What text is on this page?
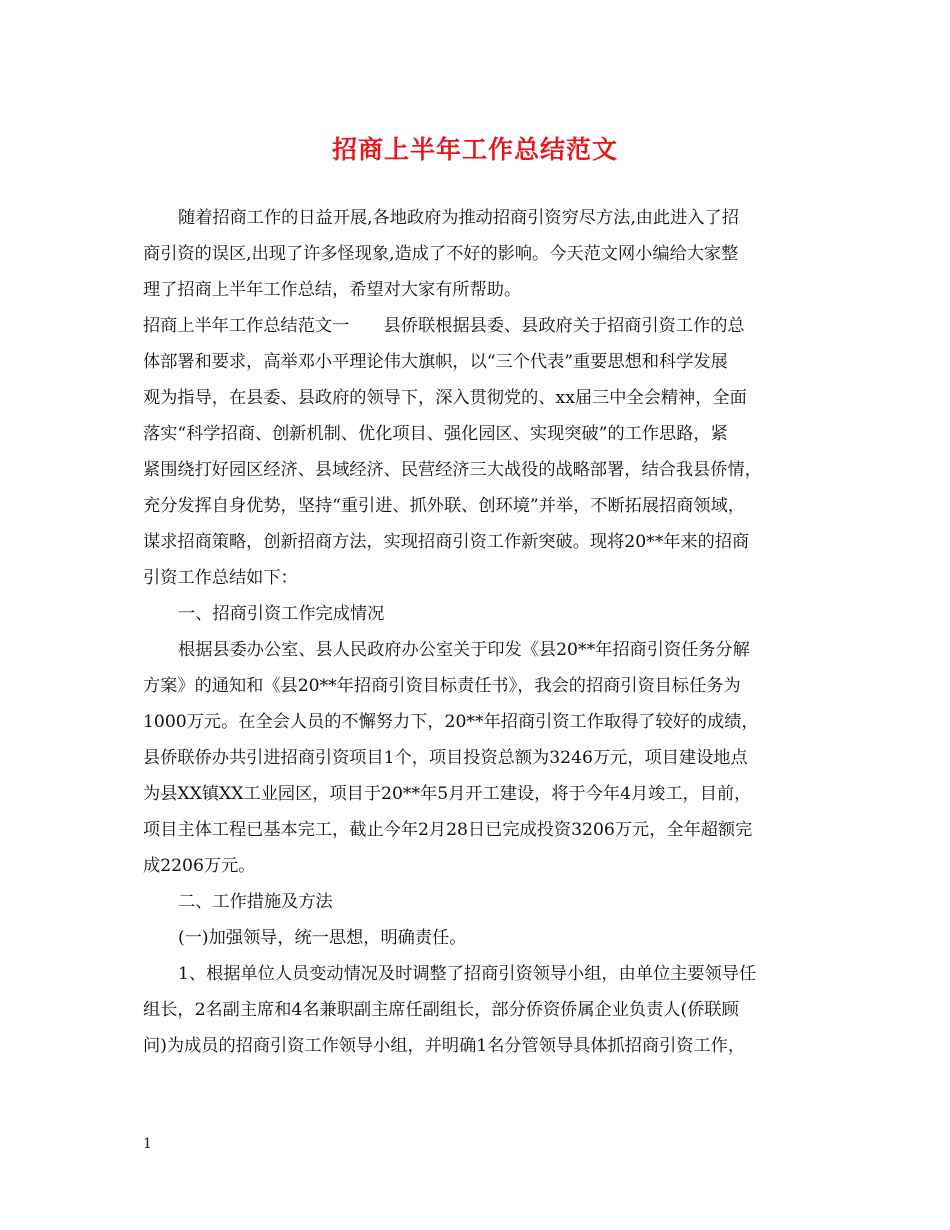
招商上半年工作总结范文
随着招商工作的日益开展,各地政府为推动招商引资穷尽方法,由此进入了招
商引资的误区,出现了许多怪现象,造成了不好的影响。今天范文网小编给大家整
理了招商上半年工作总结，希望对大家有所帮助。
招商上半年工作总结范文一　　县侨联根据县委、县政府关于招商引资工作的总
体部署和要求，高举邓小平理论伟大旗帜，以“三个代表”重要思想和科学发展
观为指导，在县委、县政府的领导下，深入贯彻党的、xx届三中全会精神，全面
落实“科学招商、创新机制、优化项目、强化园区、实现突破”的工作思路，紧
紧围绕打好园区经济、县域经济、民营经济三大战役的战略部署，结合我县侨情，
充分发挥自身优势，坚持“重引进、抓外联、创环境”并举，不断拓展招商领域，
谋求招商策略，创新招商方法，实现招商引资工作新突破。现将20**年来的招商
引资工作总结如下：
一、招商引资工作完成情况
根据县委办公室、县人民政府办公室关于印发《县20**年招商引资任务分解
方案》的通知和《县20**年招商引资目标责任书》，我会的招商引资目标任务为
1000万元。在全会人员的不懈努力下，20**年招商引资工作取得了较好的成绩，
县侨联侨办共引进招商引资项目1个，项目投资总额为3246万元，项目建设地点
为县XX镇XX工业园区，项目于20**年5月开工建设，将于今年4月竣工，目前，
项目主体工程已基本完工，截止今年2月28日已完成投资3206万元，全年超额完
成2206万元。
二、工作措施及方法
(一)加强领导，统一思想，明确责任。
1、根据单位人员变动情况及时调整了招商引资领导小组，由单位主要领导任
组长，2名副主席和4名兼职副主席任副组长，部分侨资侨属企业负责人(侨联顾
问)为成员的招商引资工作领导小组，并明确1名分管领导具体抓招商引资工作，
1
